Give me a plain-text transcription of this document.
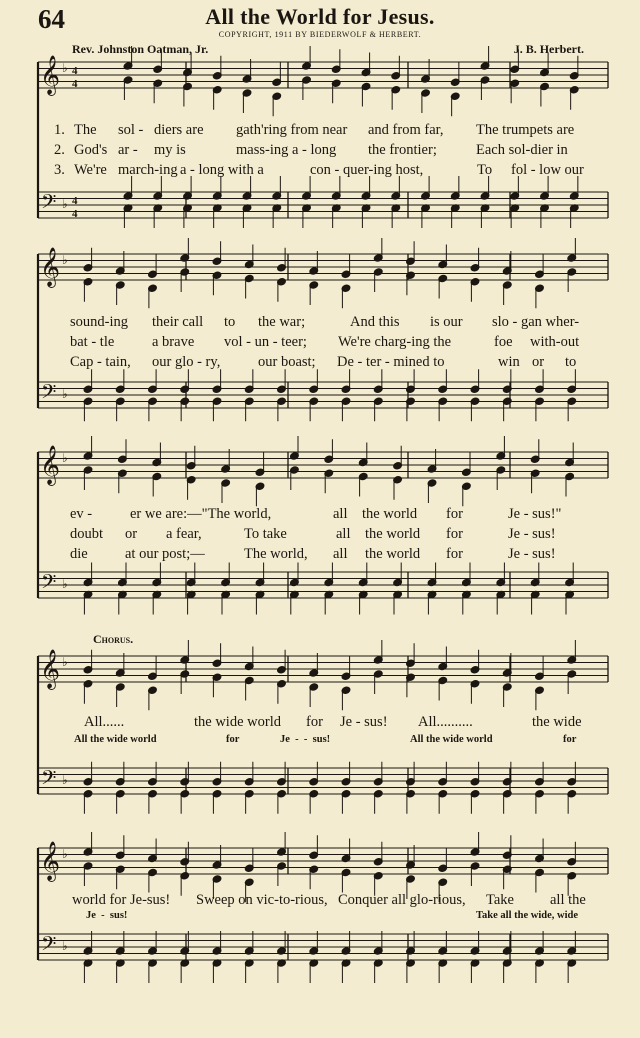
𝄞
𝄢
♭
♭
4
4
4
4
𝄞
𝄢
♭
♭
𝄞
𝄢
♭
♭
𝄞
𝄢
♭
♭
𝄞
𝄢
♭
♭
64	All the World for Jesus.
COPYRIGHT, 1911 BY BIEDERWOLF & HERBERT.
Rev. Johnston Oatman, Jr.	J. B. Herbert.
Chorus.
1. The sol - diers are gath'ring from near and from far, The trumpets are
2. God's ar - my is	mass-ing a - long the frontier;	Each sol-dier in
3. We're march-ing a - long with a	con - quer-ing host,	To fol - low our
sound-ing their call to the war;	And this is our slo - gan wher-
bat - tle	a brave vol - un - teer; We're charg-ing the	foe with-out
Cap - tain, our glo - ry,	our boast; De - ter - mined to	win or to
ev -	er we are:—"The world,	all the world for	Je - sus!"
doubt or a fear,	To take	all the world for	Je - sus!
die	at our post;—	The world, all the world for	Je - sus!
All......	the wide world for Je - sus! All..........	the wide
All the wide world	for	Je  -  -  sus!	All the wide world	for
world for Je-sus! Sweep on vic-to-rious, Conquer all glo-rious, Take all the
Je  -  sus!	Take all the wide, wide
